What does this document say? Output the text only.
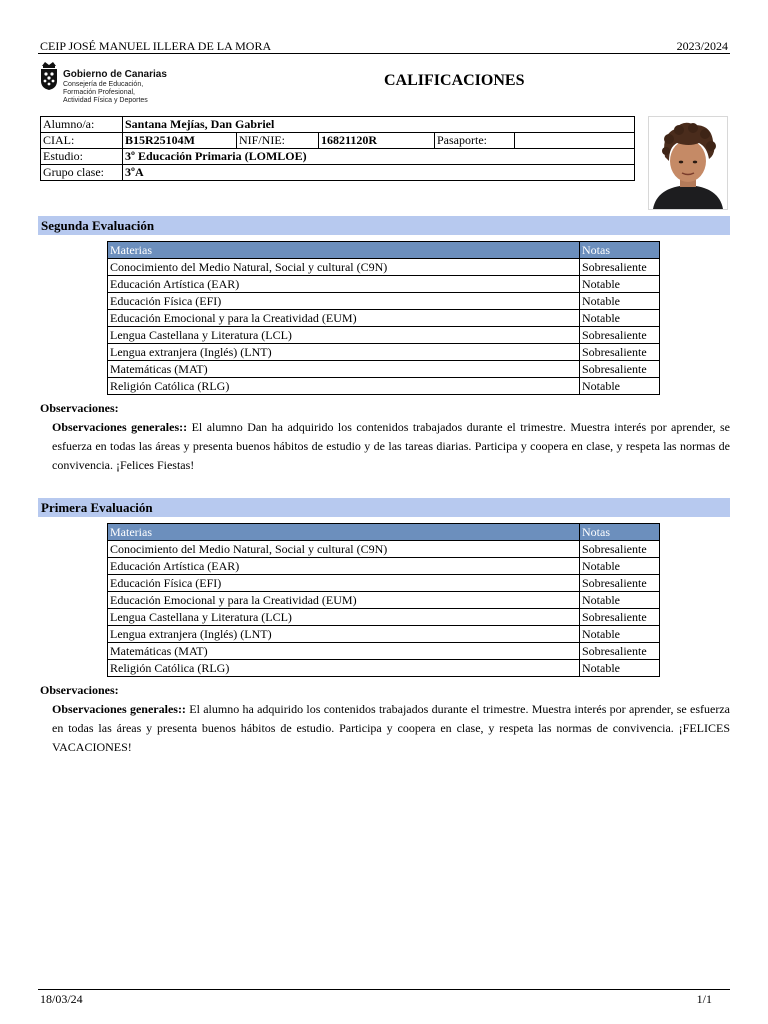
CEIP JOSÉ MANUEL ILLERA DE LA MORA	2023/2024
Gobierno de Canarias
Consejería de Educación,
Formación Profesional,
Actividad Física y Deportes
CALIFICACIONES
Alumno/a:	Santana Mejías, Dan Gabriel				
CIAL:	B15R25104M	NIF/NIE:	16821120R	Pasaporte:	
Estudio:	3º Educación Primaria (LOMLOE)				
Grupo clase:	3ºA				
Segunda Evaluación
Materias	Notas
Conocimiento del Medio Natural, Social y cultural (C9N)	Sobresaliente
Educación Artística (EAR)	Notable
Educación Física (EFI)	Notable
Educación Emocional y para la Creatividad (EUM)	Notable
Lengua Castellana y Literatura (LCL)	Sobresaliente
Lengua extranjera (Inglés) (LNT)	Sobresaliente
Matemáticas (MAT)	Sobresaliente
Religión Católica (RLG)	Notable
Observaciones:
Observaciones generales:: El alumno Dan ha adquirido los contenidos trabajados durante el trimestre. Muestra interés por aprender, se esfuerza en todas las áreas y presenta buenos hábitos de estudio y de las tareas diarias. Participa y coopera en clase, y respeta las normas de convivencia. ¡Felices Fiestas!
Primera Evaluación
Materias	Notas
Conocimiento del Medio Natural, Social y cultural (C9N)	Sobresaliente
Educación Artística (EAR)	Notable
Educación Física (EFI)	Sobresaliente
Educación Emocional y para la Creatividad (EUM)	Notable
Lengua Castellana y Literatura (LCL)	Sobresaliente
Lengua extranjera (Inglés) (LNT)	Notable
Matemáticas (MAT)	Sobresaliente
Religión Católica (RLG)	Notable
Observaciones:
Observaciones generales:: El alumno ha adquirido los contenidos trabajados durante el trimestre. Muestra interés por aprender, se esfuerza en todas las áreas y presenta buenos hábitos de estudio. Participa y coopera en clase, y respeta las normas de convivencia. ¡FELICES VACACIONES!
18/03/24	1/1
